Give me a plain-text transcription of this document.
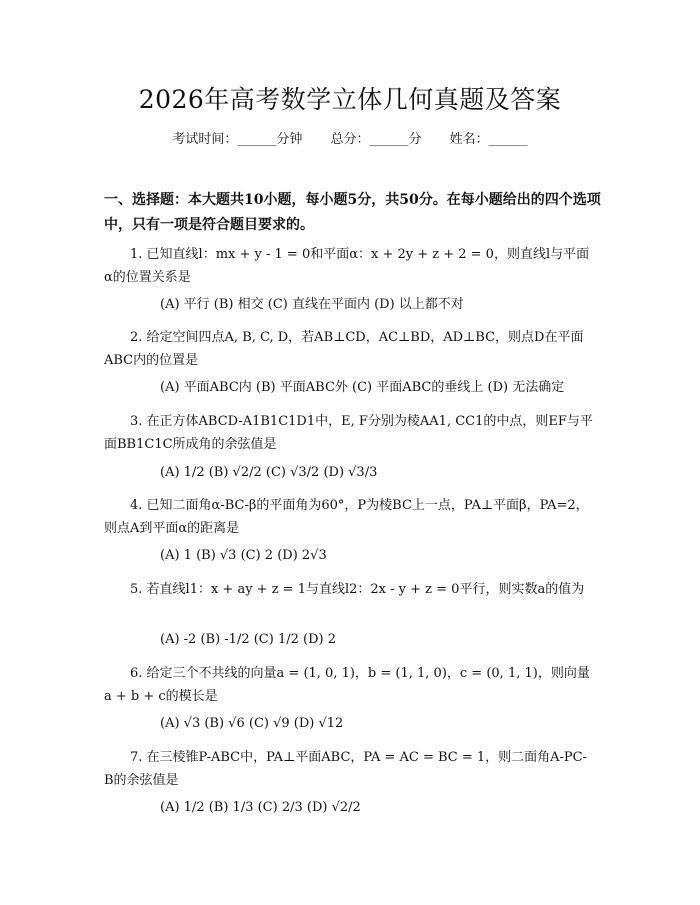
2026年高考数学立体几何真题及答案
考试时间：______分钟 总分：______分 姓名：______
一、选择题：本大题共10小题，每小题5分，共50分。在每小题给出的四个选项中，只有一项是符合题目要求的。
1. 已知直线l：mx + y - 1 = 0和平面α：x + 2y + z + 2 = 0，则直线l与平面α的位置关系是
(A) 平行 (B) 相交 (C) 直线在平面内 (D) 以上都不对
2. 给定空间四点A, B, C, D，若AB⊥CD，AC⊥BD，AD⊥BC，则点D在平面ABC内的位置是
(A) 平面ABC内 (B) 平面ABC外 (C) 平面ABC的垂线上 (D) 无法确定
3. 在正方体ABCD-A1B1C1D1中，E, F分别为棱AA1, CC1的中点，则EF与平面BB1C1C所成角的余弦值是
(A) 1/2 (B) √2/2 (C) √3/2 (D) √3/3
4. 已知二面角α-BC-β的平面角为60°，P为棱BC上一点，PA⊥平面β，PA=2，则点A到平面α的距离是
(A) 1 (B) √3 (C) 2 (D) 2√3
5. 若直线l1：x + ay + z = 1与直线l2：2x - y + z = 0平行，则实数a的值为
(A) -2 (B) -1/2 (C) 1/2 (D) 2
6. 给定三个不共线的向量a = (1, 0, 1)，b = (1, 1, 0)，c = (0, 1, 1)，则向量a + b + c的模长是
(A) √3 (B) √6 (C) √9 (D) √12
7. 在三棱锥P-ABC中，PA⊥平面ABC，PA = AC = BC = 1，则二面角A-PC-B的余弦值是
(A) 1/2 (B) 1/3 (C) 2/3 (D) √2/2
